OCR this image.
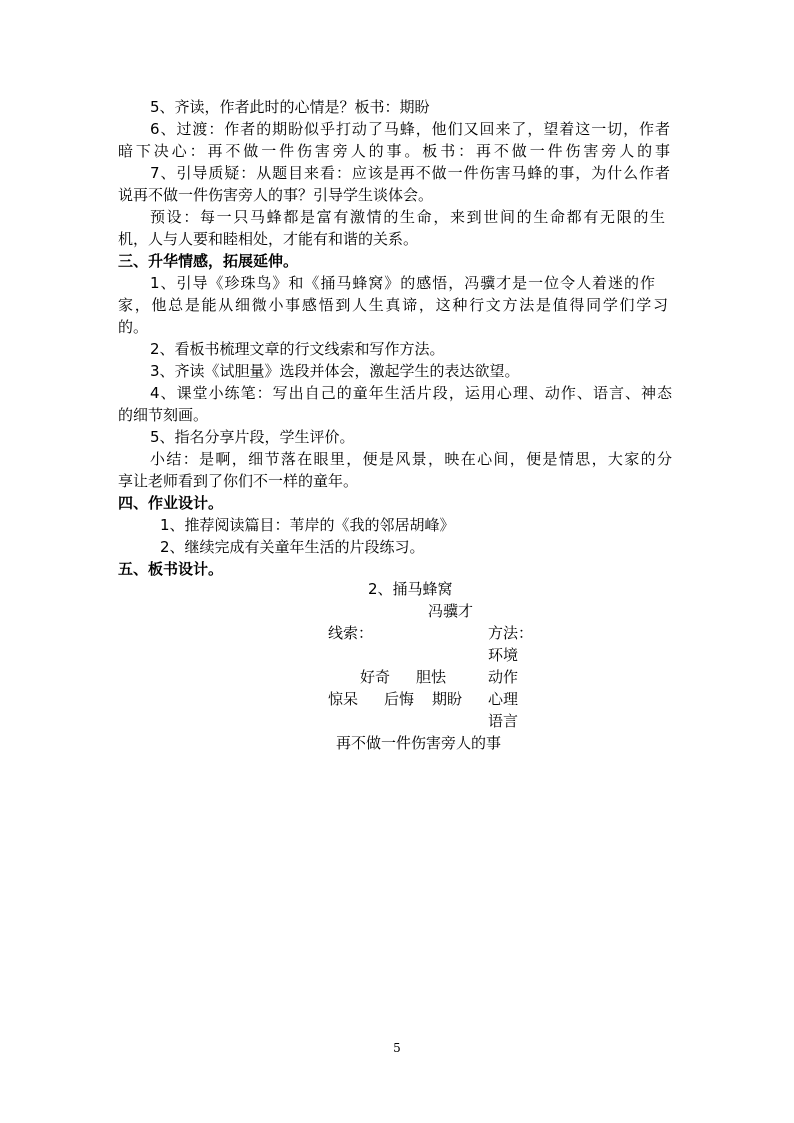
5、齐读，作者此时的心情是？板书：期盼
6、过渡：作者的期盼似乎打动了马蜂，他们又回来了，望着这一切，作者
暗下决心：再不做一件伤害旁人的事。板书：再不做一件伤害旁人的事
7、引导质疑：从题目来看：应该是再不做一件伤害马蜂的事，为什么作者
说再不做一件伤害旁人的事？引导学生谈体会。
预设：每一只马蜂都是富有激情的生命，来到世间的生命都有无限的生
机，人与人要和睦相处，才能有和谐的关系。
三、升华情感，拓展延伸。
1、引导《珍珠鸟》和《捅马蜂窝》的感悟，冯骥才是一位令人着迷的作
家，他总是能从细微小事感悟到人生真谛，这种行文方法是值得同学们学习
的。
2、看板书梳理文章的行文线索和写作方法。
3、齐读《试胆量》选段并体会，激起学生的表达欲望。
4、课堂小练笔：写出自己的童年生活片段，运用心理、动作、语言、神态
的细节刻画。
5、指名分享片段，学生评价。
小结：是啊，细节落在眼里，便是风景，映在心间，便是情思，大家的分
享让老师看到了你们不一样的童年。
四、作业设计。
1、推荐阅读篇目：苇岸的《我的邻居胡峰》
2、继续完成有关童年生活的片段练习。
五、板书设计。
2、捅马蜂窝
冯骥才
线索：	方法：
环境
好奇 胆怯	动作
惊呆 后悔 期盼 心理
语言
再不做一件伤害旁人的事
5
